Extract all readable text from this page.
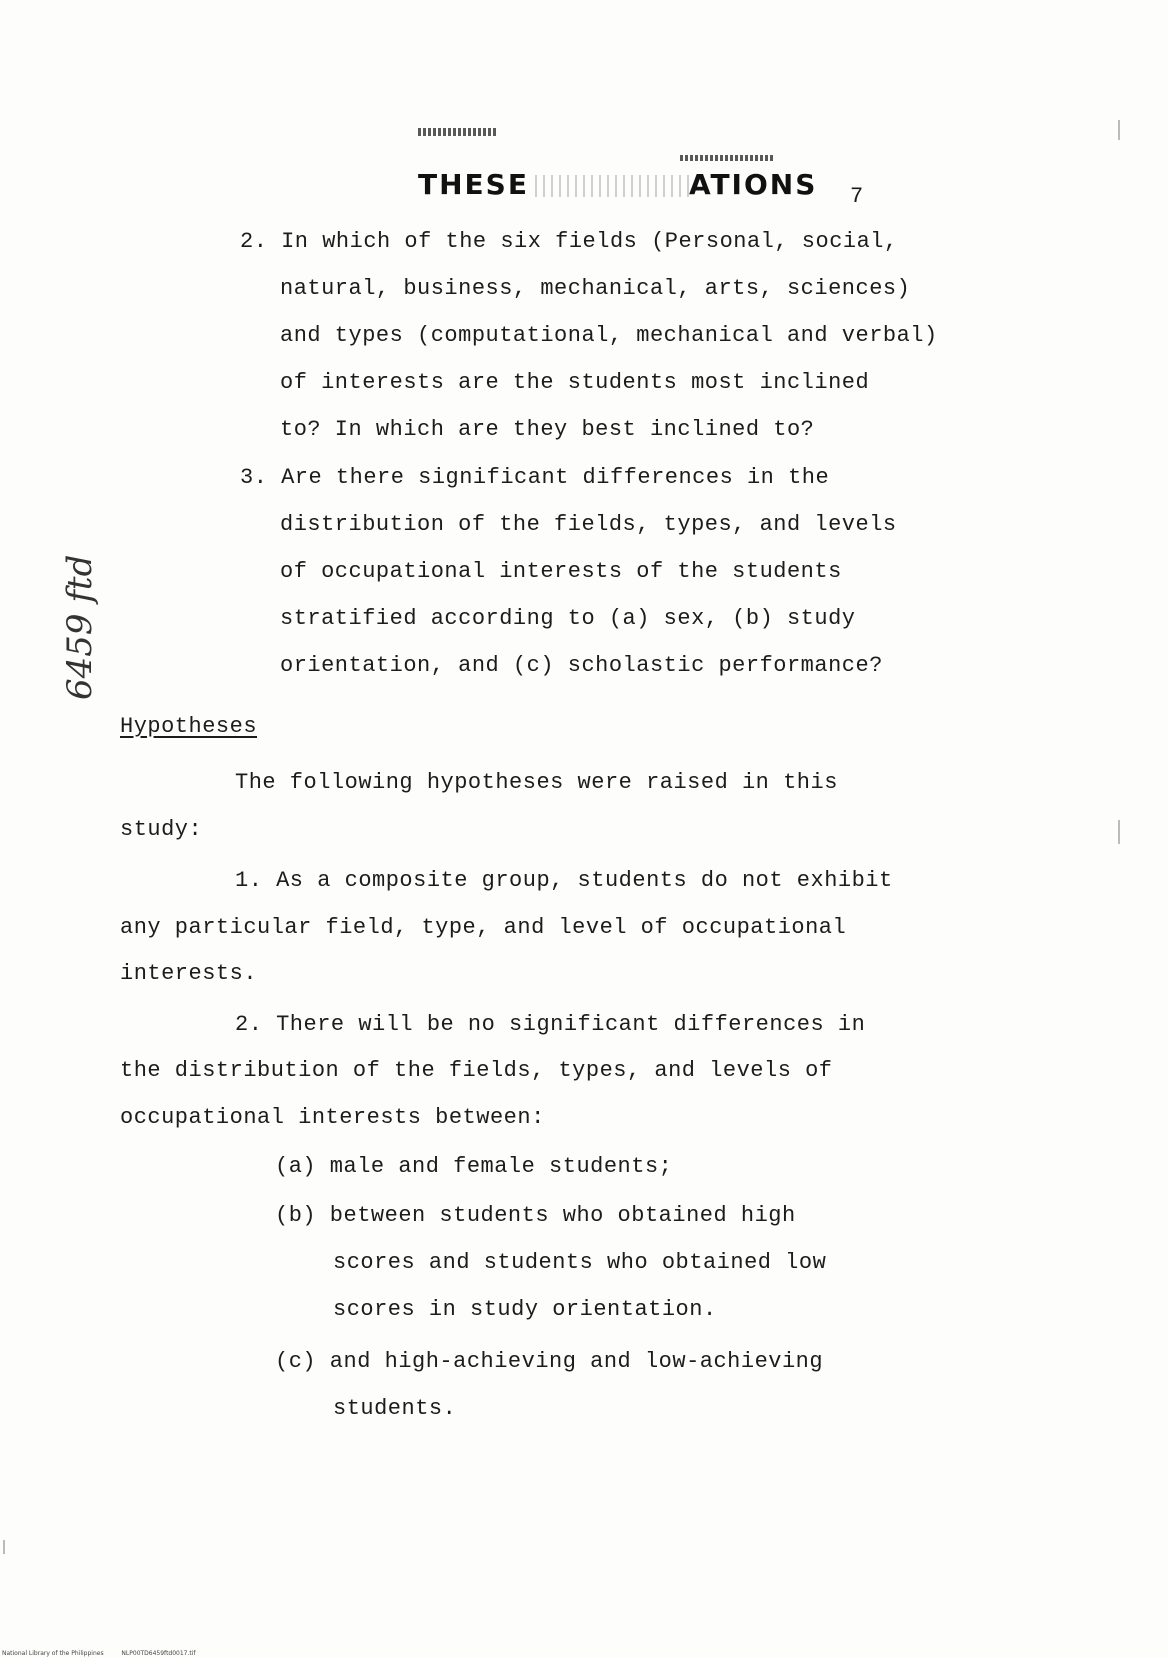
THESE	ATIONS 7
2. In which of the six fields (Personal, social,
natural, business, mechanical, arts, sciences)
and types (computational, mechanical and verbal)
of interests are the students most inclined
to? In which are they best inclined to?
3. Are there significant differences in the
distribution of the fields, types, and levels
of occupational interests of the students
stratified according to (a) sex, (b) study
orientation, and (c) scholastic performance?
6459 ftd
Hypotheses
The following hypotheses were raised in this
study:
1. As a composite group, students do not exhibit
any particular field, type, and level of occupational
interests.
2. There will be no significant differences in
the distribution of the fields, types, and levels of
occupational interests between:
(a) male and female students;
(b) between students who obtained high
scores and students who obtained low
scores in study orientation.
(c) and high-achieving and low-achieving
students.
National Library of the Philippines	NLP00TD6459ftd0017.tif
